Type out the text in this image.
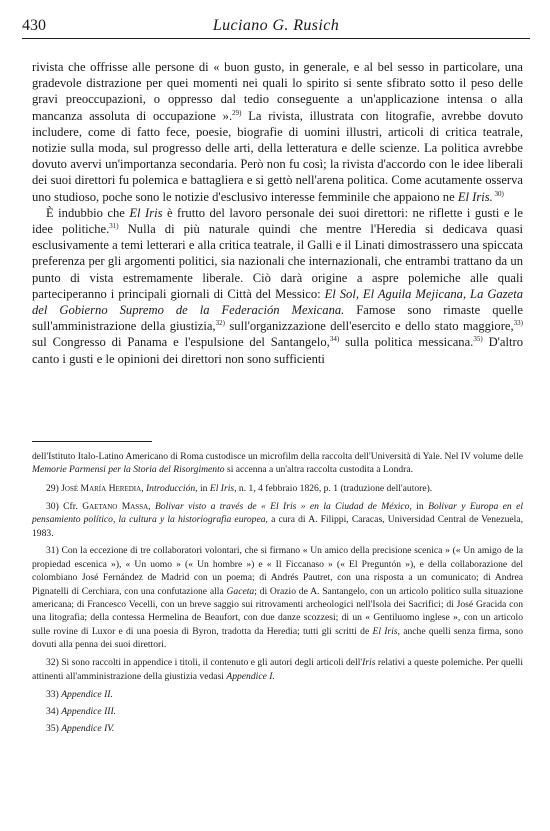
430	Luciano G. Rusich

rivista che offrisse alle persone di « buon gusto, in generale, e al bel sesso in particolare, una gradevole distrazione per quei momenti nei quali lo spirito si sente sfibrato sotto il peso delle gravi preoccupazioni, o oppresso dal tedio conseguente a un'applicazione intensa o alla mancanza assoluta di occupazione ».$^{29)}$ La rivista, illustrata con litografie, avrebbe dovuto includere, come di fatto fece, poesie, biografie di uomini illustri, articoli di critica teatrale, notizie sulla moda, sul progresso delle arti, della letteratura e delle scienze. La politica avrebbe dovuto avervi un'importanza secondaria. Però non fu così; la rivista d'accordo con le idee liberali dei suoi direttori fu polemica e battagliera e si gettò nell'arena politica. Come acutamente osserva uno studioso, poche sono le notizie d'esclusivo interesse femminile che appaiono ne El Iris. $^{30)}$

È indubbio che El Iris è frutto del lavoro personale dei suoi direttori: ne riflette i gusti e le idee politiche.$^{31)}$ Nulla di più naturale quindi che mentre l'Heredia si dedicava quasi esclusivamente a temi letterari e alla critica teatrale, il Galli e il Linati dimostrassero una spiccata preferenza per gli argomenti politici, sia nazionali che internazionali, che entrambi trattano da un punto di vista estremamente liberale. Ciò darà origine a aspre polemiche alle quali parteciperanno i principali giornali di Città del Messico: El Sol, El Aguila Mejicana, La Gazeta del Gobierno Supremo de la Federación Mexicana. Famose sono rimaste quelle sull'amministrazione della giustizia,$^{32)}$ sull'organizzazione dell'esercito e dello stato maggiore,$^{33)}$ sul Congresso di Panama e l'espulsione del Santangelo,$^{34)}$ sulla politica messicana.$^{35)}$ D'altro canto i gusti e le opinioni dei direttori non sono sufficienti

dell'Istituto Italo-Latino Americano di Roma custodisce un microfilm della raccolta dell'Università di Yale. Nel IV volume delle Memorie Parmensi per la Storia del Risorgimento si accenna a un'altra raccolta custodita a Londra.

29) José María Heredia, Introducción, in El Iris, n. 1, 4 febbraio 1826, p. 1 (traduzione dell'autore).

30) Cfr. Gaetano Massa, Bolivar visto a través de « El Iris » en la Ciudad de México, in Bolivar y Europa en el pensamiento político, la cultura y la historiografia europea, a cura di A. Filippi, Caracas, Universidad Central de Venezuela, 1983.

31) Con la eccezione di tre collaboratori volontari, che si firmano « Un amico della precisione scenica » (« Un amigo de la propiedad escenica »), « Un uomo » (« Un hombre ») e « Il Ficcanaso » (« El Preguntón »), e della collaborazione del colombiano José Fernández de Madrid con un poema; di Andrés Pautret, con una risposta a un comunicato; di Andrea Pignatelli di Cerchiara, con una confutazione alla Gaceta; di Orazio de A. Santangelo, con un articolo politico sulla situazione americana; di Francesco Vecelli, con un breve saggio sui ritrovamenti archeologici nell'Isola dei Sacrifici; di José Gracida con una litografia; della contessa Hermelina de Beaufort, con due danze scozzesi; di un « Gentiluomo inglese », con un articolo sulle rovine di Luxor e di una poesia di Byron, tradotta da Heredia; tutti gli scritti de El Iris, anche quelli senza firma, sono dovuti alla penna dei suoi direttori.

32) Si sono raccolti in appendice i titoli, il contenuto e gli autori degli articoli dell'Iris relativi a queste polemiche. Per quelli attinenti all'amministrazione della giustizia vedasi Appendice I.

33) Appendice II.

34) Appendice III.

35) Appendice IV.
